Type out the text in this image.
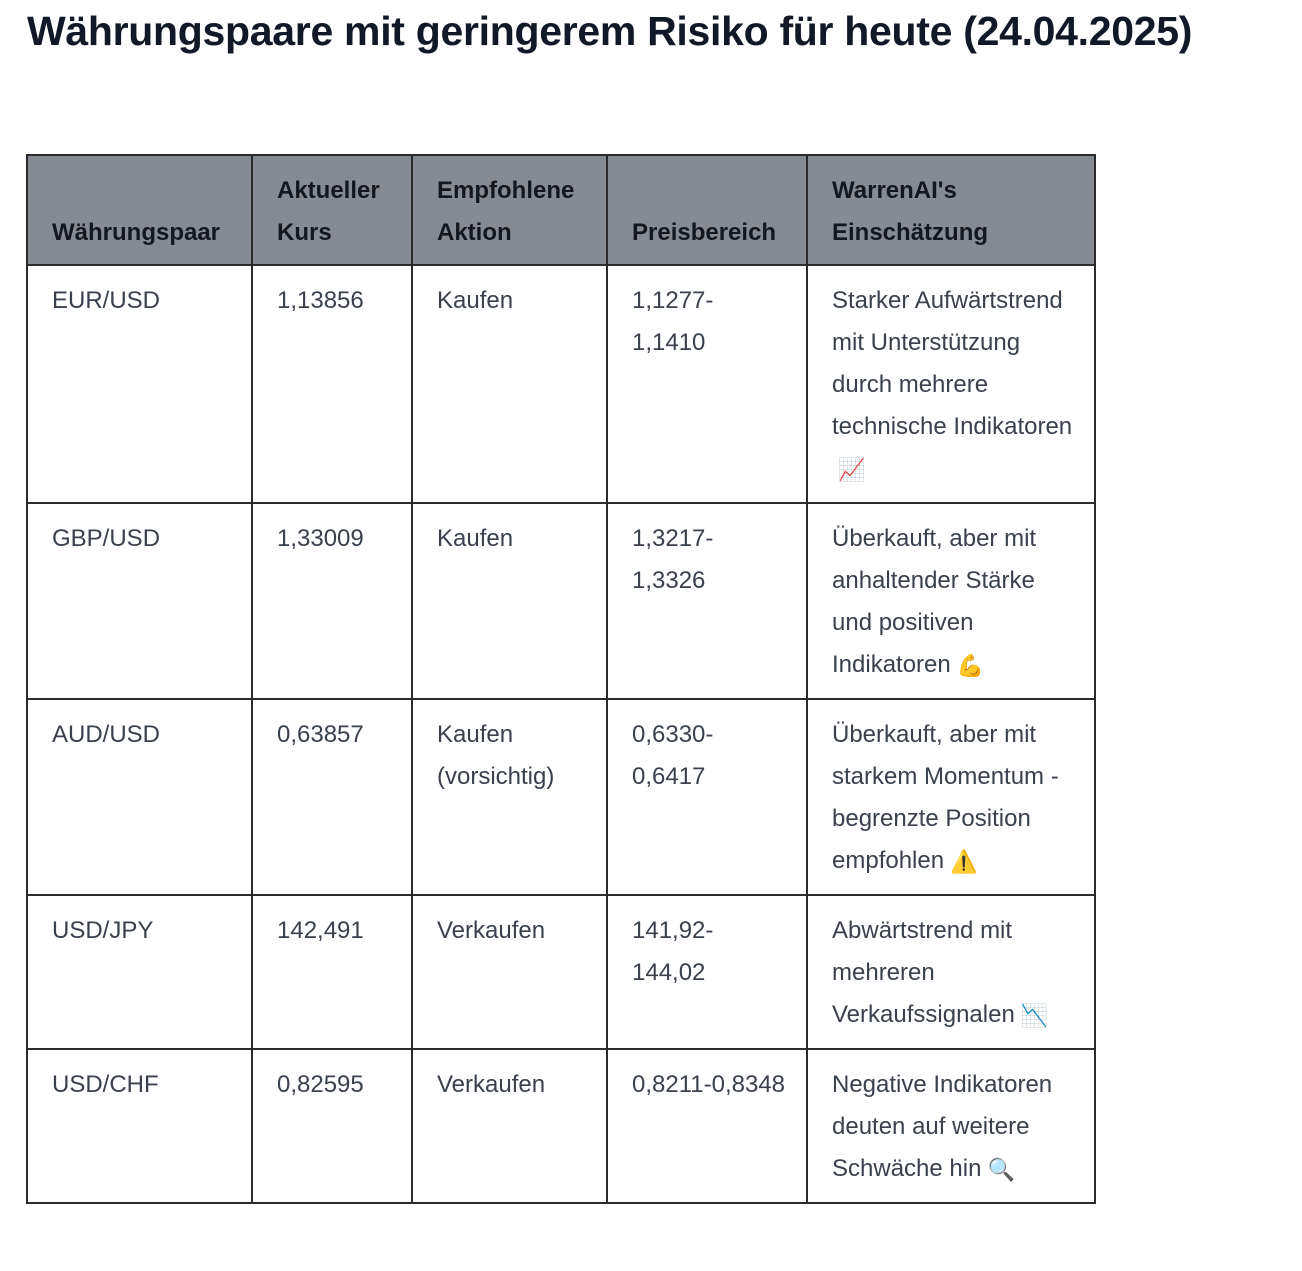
Währungspaare mit geringerem Risiko für heute (24.04.2025)
Währungspaar	Aktueller Kurs	Empfohlene Aktion	Preisbereich	WarrenAI's Einschätzung
EUR/USD	1,13856	Kaufen	1,1277-1,1410	Starker Aufwärtstrend mit Unterstützung durch mehrere technische Indikatoren📈
GBP/USD	1,33009	Kaufen	1,3217-1,3326	Überkauft, aber mit anhaltender Stärke und positiven Indikatoren 💪
AUD/USD	0,63857	Kaufen (vorsichtig)	0,6330-0,6417	Überkauft, aber mit starkem Momentum - begrenzte Position empfohlen ⚠️
USD/JPY	142,491	Verkaufen	141,92-144,02	Abwärtstrend mit mehreren Verkaufssignalen 📉
USD/CHF	0,82595	Verkaufen	0,8211-0,8348	Negative Indikatoren deuten auf weitere Schwäche hin 🔍
